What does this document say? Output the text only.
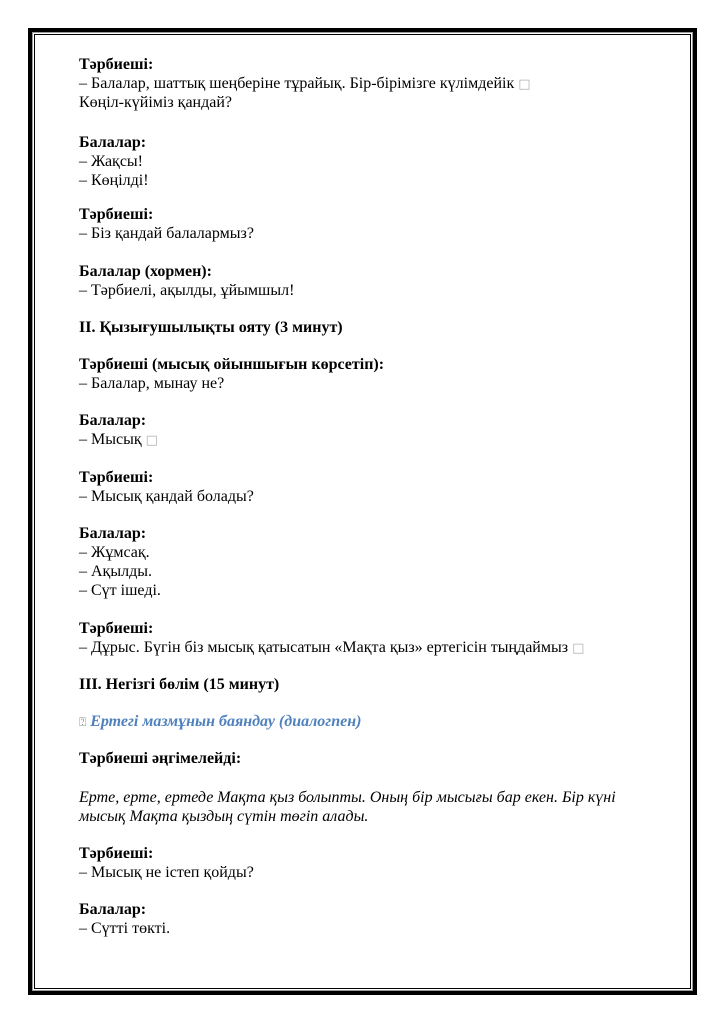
Тәрбиеші:
– Балалар, шаттық шеңберіне тұрайық. Бір-бірімізге күлімдейік □
Көңіл-күйіміз қандай?
Балалар:
– Жақсы!
– Көңілді!
Тәрбиеші:
– Біз қандай балалармыз?
Балалар (хормен):
– Тәрбиелі, ақылды, ұйымшыл!
II. Қызығушылықты ояту (3 минут)
Тәрбиеші (мысық ойыншығын көрсетіп):
– Балалар, мынау не?
Балалар:
– Мысық □
Тәрбиеші:
– Мысық қандай болады?
Балалар:
– Жұмсақ.
– Ақылды.
– Сүт ішеді.
Тәрбиеші:
– Дұрыс. Бүгін біз мысық қатысатын «Мақта қыз» ертегісін тыңдаймыз □
III. Негізгі бөлім (15 минут)
⍰ Ертегі мазмұнын баяндау (диалогпен)
Тәрбиеші әңгімелейді:
Ерте, ерте, ертеде Мақта қыз болыпты. Оның бір мысығы бар екен. Бір күні
мысық Мақта қыздың сүтін төгіп алады.
Тәрбиеші:
– Мысық не істеп қойды?
Балалар:
– Сүтті төкті.
